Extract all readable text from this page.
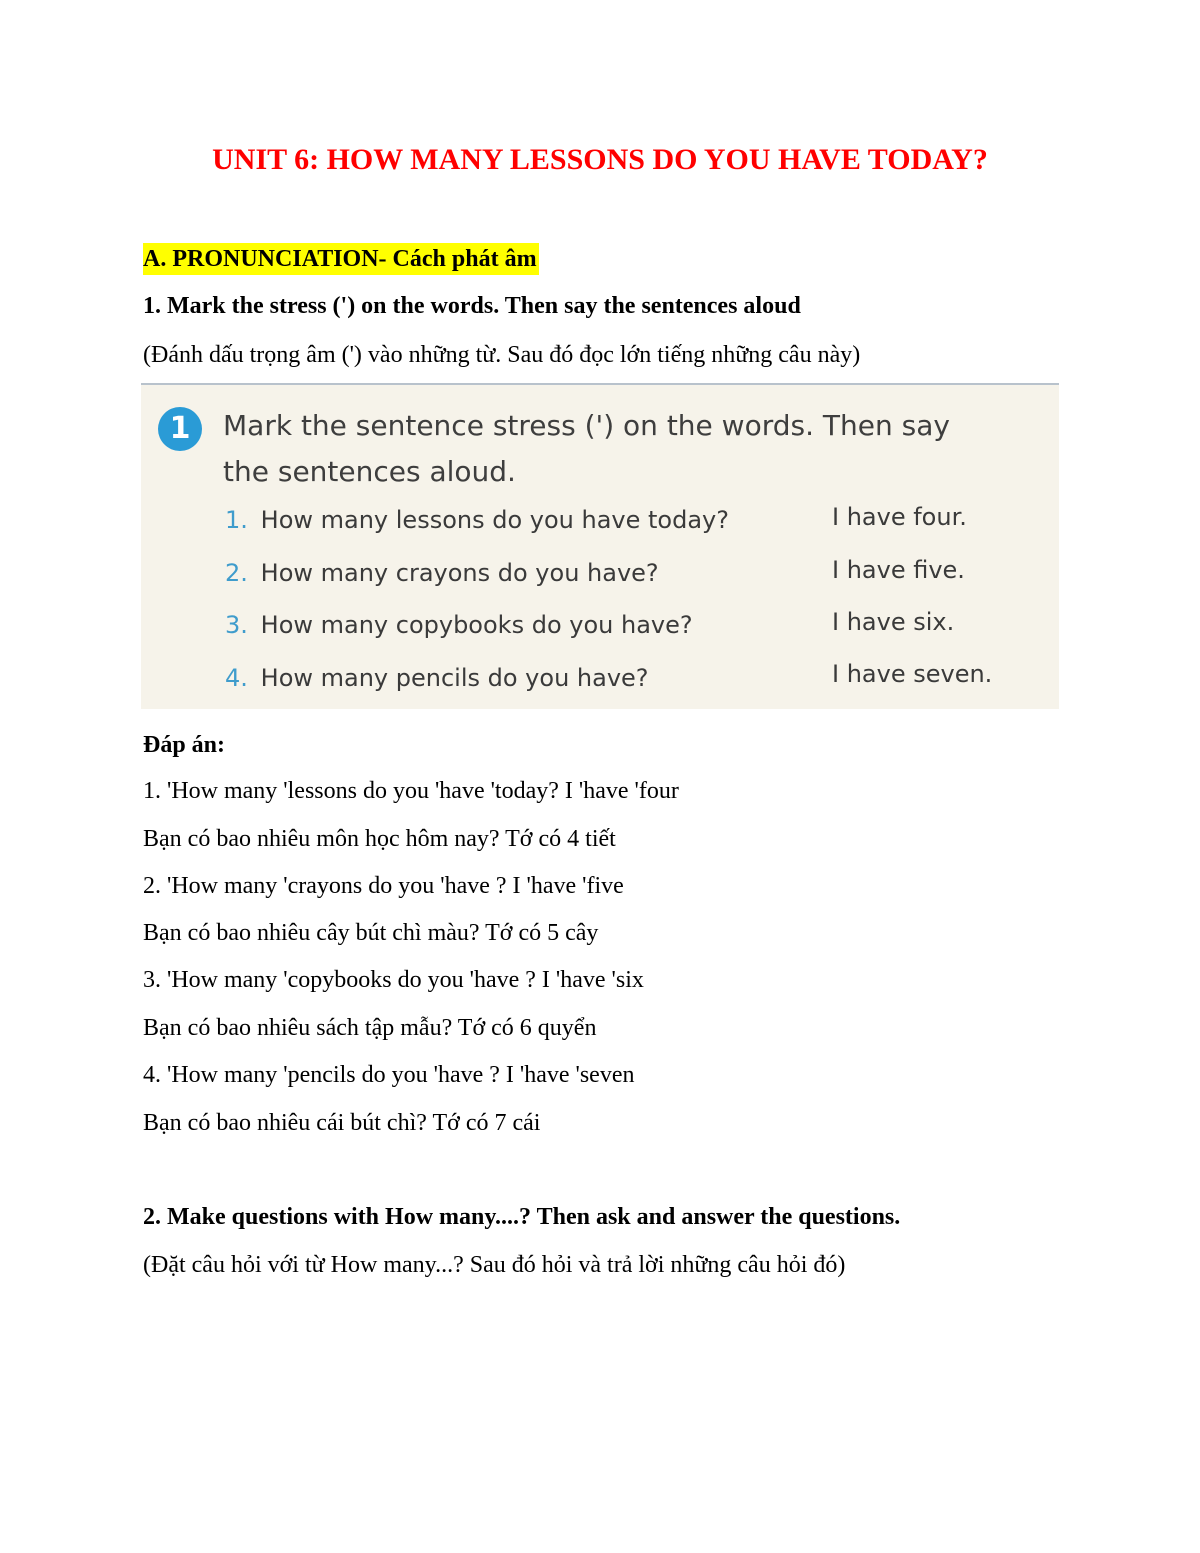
UNIT 6: HOW MANY LESSONS DO YOU HAVE TODAY?
A. PRONUNCIATION- Cách phát âm
1. Mark the stress (') on the words. Then say the sentences aloud
(Đánh dấu trọng âm (') vào những từ. Sau đó đọc lớn tiếng những câu này)
1	Mark the sentence stress (') on the words. Then say
the sentences aloud.
1. How many lessons do you have today?	I have four.
2. How many crayons do you have?	I have five.
3. How many copybooks do you have?	I have six.
4. How many pencils do you have?	I have seven.
Đáp án:
1. 'How many 'lessons do you 'have 'today? I 'have 'four
Bạn có bao nhiêu môn học hôm nay? Tớ có 4 tiết
2. 'How many 'crayons do you 'have ? I 'have 'five
Bạn có bao nhiêu cây bút chì màu? Tớ có 5 cây
3. 'How many 'copybooks do you 'have ? I 'have 'six
Bạn có bao nhiêu sách tập mẫu? Tớ có 6 quyển
4. 'How many 'pencils do you 'have ? I 'have 'seven
Bạn có bao nhiêu cái bút chì? Tớ có 7 cái
2. Make questions with How many....? Then ask and answer the questions.
(Đặt câu hỏi với từ How many...? Sau đó hỏi và trả lời những câu hỏi đó)
